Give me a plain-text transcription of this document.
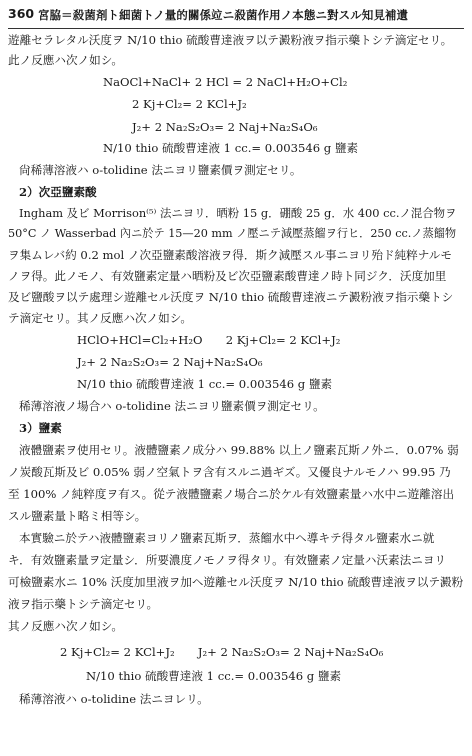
360 宮脇＝殺菌剤ト細菌トノ量的關係竝ニ殺菌作用ノ本態ニ對スル知見補遺
遊離セラレタル沃度ヲ N/10 thio 硫酸曹達液ヲ以テ澱粉液ヲ指示藥トシテ滴定セリ。
此ノ反應ハ次ノ如シ。
NaOCl+NaCl+ 2 HCl = 2 NaCl+H₂O+Cl₂
2 Kj+Cl₂= 2 KCl+J₂
J₂+ 2 Na₂S₂O₃= 2 Naj+Na₂S₄O₆
N/10 thio 硫酸曹達液 1 cc.= 0.003546 g 鹽素
尙稀薄溶液ハ o-tolidine 法ニヨリ鹽素價ヲ測定セリ。
2）次亞鹽素酸
Ingham 及ビ Morrison⁽⁵⁾ 法ニヨリ．晒粉 15 g．硼酸 25 g．水 400 cc.ノ混合物ヲ
50°C ノ Wasserbad 內ニ於テ 15—20 mm ノ壓ニテ減壓蒸餾ヲ行ヒ．250 cc.ノ蒸餾物
ヲ集ムレバ約 0.2 mol ノ次亞鹽素酸溶液ヲ得．斯ク減壓スル事ニヨリ殆ド純粹ナルモ
ノヲ得。此ノモノ、有效鹽素定量ハ晒粉及ビ次亞鹽素酸曹達ノ時ト同ジク．沃度加里
及ビ鹽酸ヲ以テ處理シ遊離セル沃度ヲ N/10 thio 硫酸曹達液ニテ澱粉液ヲ指示藥トシ
テ滴定セリ。其ノ反應ハ次ノ如シ。
HClO+HCl=Cl₂+H₂O　　2 Kj+Cl₂= 2 KCl+J₂
J₂+ 2 Na₂S₂O₃= 2 Naj+Na₂S₄O₆
N/10 thio 硫酸曹達液 1 cc.= 0.003546 g 鹽素
稀薄溶液ノ場合ハ o-tolidine 法ニヨリ鹽素價ヲ測定セリ。
3）鹽素
液體鹽素ヲ使用セリ。液體鹽素ノ成分ハ 99.88% 以上ノ鹽素瓦斯ノ外ニ．0.07% 弱
ノ炭酸瓦斯及ビ 0.05% 弱ノ空氣トヲ含有スルニ過ギズ。又優良ナルモノハ 99.95 乃
至 100% ノ純粹度ヲ有ス。從テ液體鹽素ノ場合ニ於ケル有效鹽素量ハ水中ニ遊離溶出
スル鹽素量ト略ミ相等シ。
本實驗ニ於テハ液體鹽素ヨリノ鹽素瓦斯ヲ．蒸餾水中ヘ導キテ得タル鹽素水ニ就
キ．有效鹽素量ヲ定量シ．所要濃度ノモノヲ得タリ。有效鹽素ノ定量ハ沃素法ニヨリ
可檢鹽素水ニ 10% 沃度加里液ヲ加ヘ遊離セル沃度ヲ N/10 thio 硫酸曹達液ヲ以テ澱粉
液ヲ指示藥トシテ滴定セリ。
其ノ反應ハ次ノ如シ。
2 Kj+Cl₂= 2 KCl+J₂　　J₂+ 2 Na₂S₂O₃= 2 Naj+Na₂S₄O₆
N/10 thio 硫酸曹達液 1 cc.= 0.003546 g 鹽素
稀薄溶液ハ o-tolidine 法ニヨレリ。
